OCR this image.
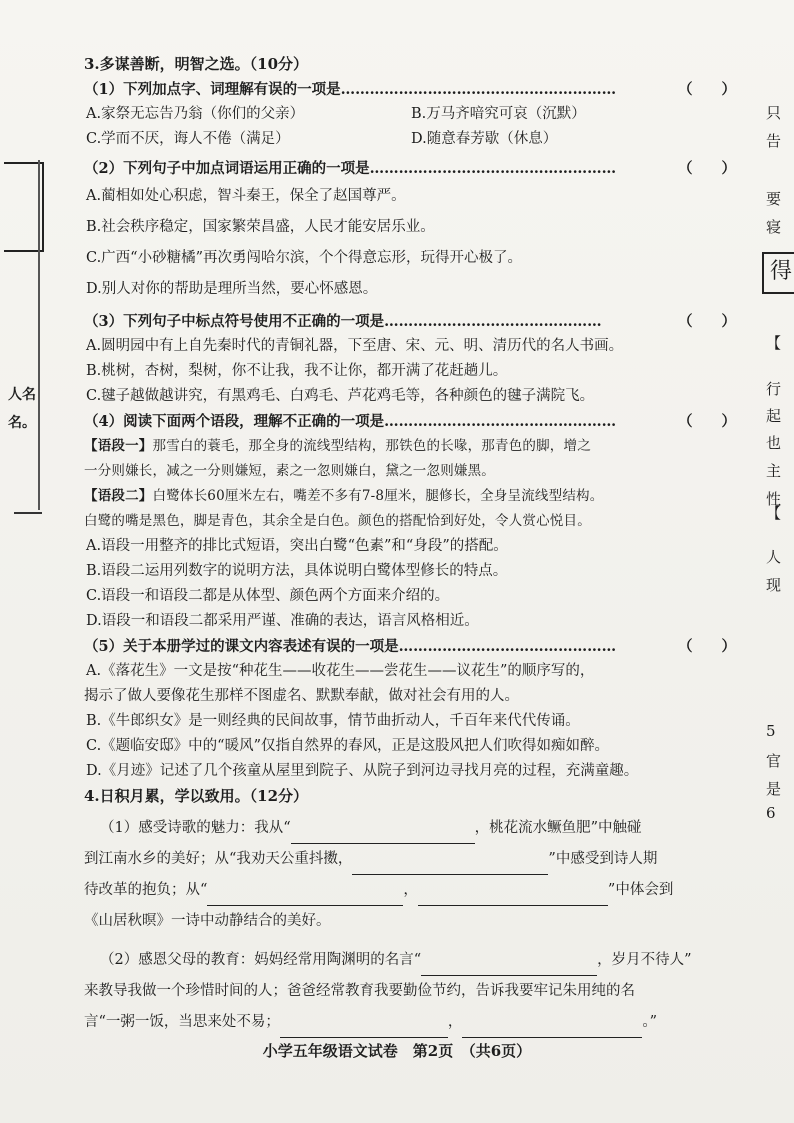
人名
名。
只
告
要
寝
得
【
行
起
也
主
性
【
人
现
5
官
是
6
3.多谋善断，明智之选。（10分）
（1）下列加点字、词理解有误的一项是…………………………………………………	（　　）
A.家祭无忘告乃翁（你们的父亲）	B.万马齐喑究可哀（沉默）
C.学而不厌，诲人不倦（满足）	D.随意春芳歇（休息）
（2）下列句子中加点词语运用正确的一项是……………………………………………	（　　）
A.蔺相如处心积虑，智斗秦王，保全了赵国尊严。
B.社会秩序稳定，国家繁荣昌盛，人民才能安居乐业。
C.广西“小砂糖橘”再次勇闯哈尔滨，个个得意忘形，玩得开心极了。
D.别人对你的帮助是理所当然，要心怀感恩。
（3）下列句子中标点符号使用不正确的一项是………………………………………	（　　）
A.圆明园中有上自先秦时代的青铜礼器，下至唐、宋、元、明、清历代的名人书画。
B.桃树，杏树，梨树，你不让我，我不让你，都开满了花赶趟儿。
C.毽子越做越讲究，有黑鸡毛、白鸡毛、芦花鸡毛等，各种颜色的毽子满院飞。
（4）阅读下面两个语段，理解不正确的一项是…………………………………………	（　　）
【语段一】那雪白的蓑毛，那全身的流线型结构，那铁色的长喙，那青色的脚，增之
一分则嫌长，减之一分则嫌短，素之一忽则嫌白，黛之一忽则嫌黑。
【语段二】白鹭体长60厘米左右，嘴差不多有7-8厘米，腿修长，全身呈流线型结构。
白鹭的嘴是黑色，脚是青色，其余全是白色。颜色的搭配恰到好处，令人赏心悦目。
A.语段一用整齐的排比式短语，突出白鹭“色素”和“身段”的搭配。
B.语段二运用列数字的说明方法，具体说明白鹭体型修长的特点。
C.语段一和语段二都是从体型、颜色两个方面来介绍的。
D.语段一和语段二都采用严谨、准确的表达，语言风格相近。
（5）关于本册学过的课文内容表述有误的一项是………………………………………	（　　）
A.《落花生》一文是按“种花生——收花生——尝花生——议花生”的顺序写的，
揭示了做人要像花生那样不图虚名、默默奉献，做对社会有用的人。
B.《牛郎织女》是一则经典的民间故事，情节曲折动人，千百年来代代传诵。
C.《题临安邸》中的“暖风”仅指自然界的春风，正是这股风把人们吹得如痴如醉。
D.《月迹》记述了几个孩童从屋里到院子、从院子到河边寻找月亮的过程，充满童趣。
4.日积月累，学以致用。（12分）
（1）感受诗歌的魅力：我从“	，桃花流水鳜鱼肥”中触碰
到江南水乡的美好；从“我劝天公重抖擞，	”中感受到诗人期
待改革的抱负；从“	，	”中体会到
《山居秋暝》一诗中动静结合的美好。
（2）感恩父母的教育：妈妈经常用陶渊明的名言“	，岁月不待人”
来教导我做一个珍惜时间的人；爸爸经常教育我要勤俭节约，告诉我要牢记朱用纯的名
言“一粥一饭，当思来处不易；	，	。”
小学五年级语文试卷　第2页　（共6页）
